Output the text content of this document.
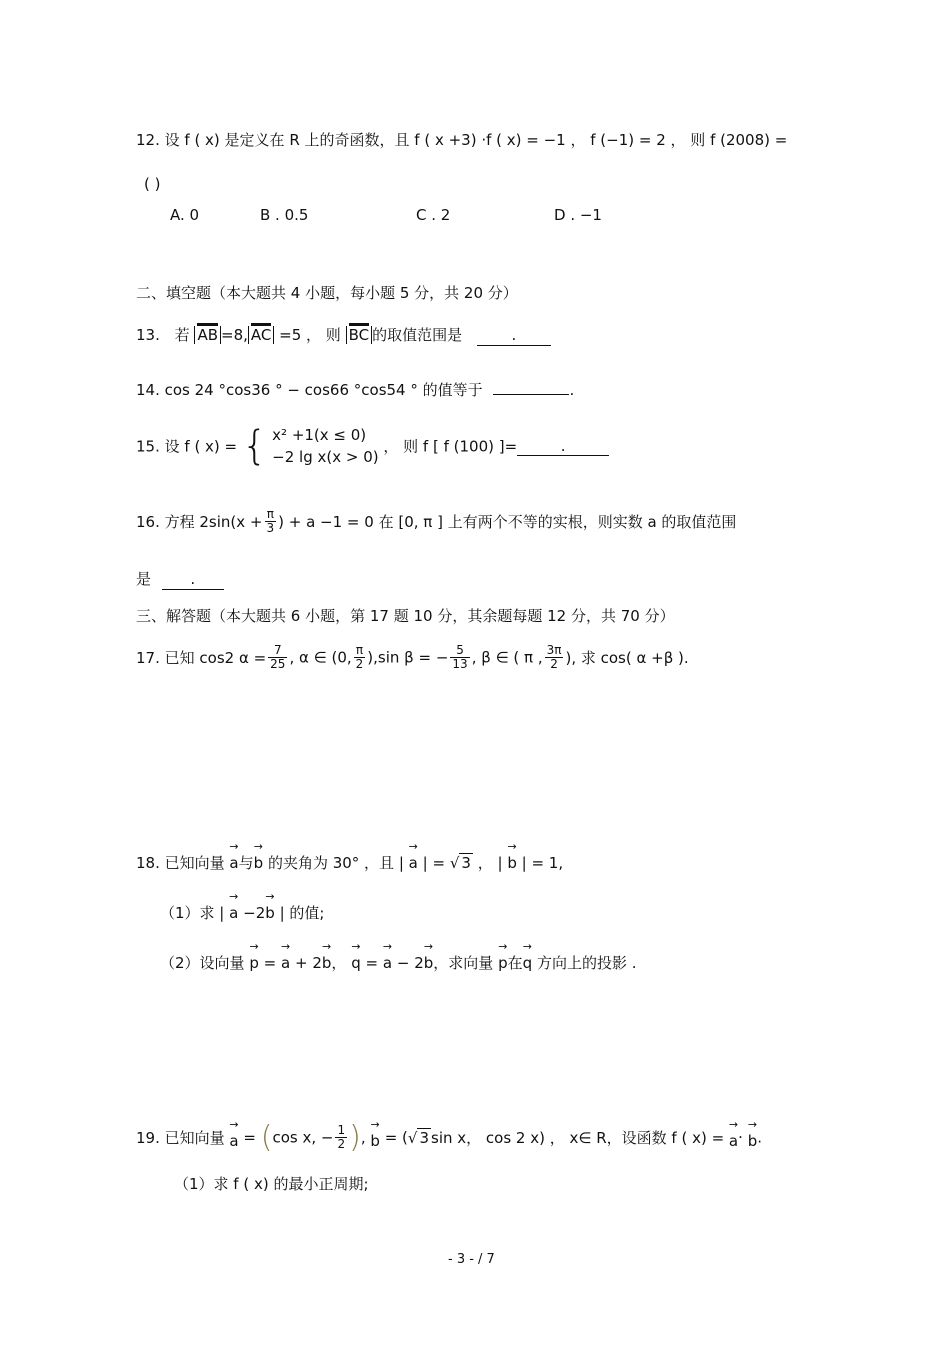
12. 设 f ( x) 是定义在 R 上的奇函数，且 f ( x +3) ·f ( x) = −1 ， f (−1) = 2 ， 则 f (2008) =
( )
A. 0	B . 0.5	C . 2	D . −1
二、填空题（本大题共 4 小题，每小题 5 分，共 20 分）
13. 若 AB =8, AC =5 ， 则 BC 的取值范围是	.
14. cos 24 °cos36 ° − cos66 °cos54 ° 的值等于	.
15. 设 f ( x) = { x² +1(x ≤ 0)
−2 lg x(x > 0)
， 则 f [ f (100) ]=	.
16. 方程 $2\sin(x + \frac{\pi}{3}$ ) + a −1 = 0 在 [0, π ] 上有两个不等的实根，则实数 a 的取值范围
是	.
三、解答题（本大题共 6 小题，第 17 题 10 分，其余题每题 12 分，共 70 分）
17. 已知 cos2 $\alpha = \frac{7}{25}$ , α ∈ (0, $\frac{\pi}{2} ),\sin$ β = − $\frac{5}{13}$ , β ∈ ( π , $\frac{3\pi}{2}$ ), 求 cos( α +β ).
18. 已知向量 → a与→ b 的夹角为 30° ，且 | → a | = √ 3 ， | → b | = 1,
（1）求 | → a −2→ b | 的值;
（2）设向量 → p = → a + 2→ b， → q = → a − 2→ b，求向量 → p在→ q 方向上的投影 .
19. 已知向量 → a = (cos x, − $\frac{1}{2}$ ), → b = (√ 3 sin x， cos 2 x) ， x∈ R，设函数 f ( x) = → a· → b.
（1）求 f ( x) 的最小正周期;
- 3 - / 7
